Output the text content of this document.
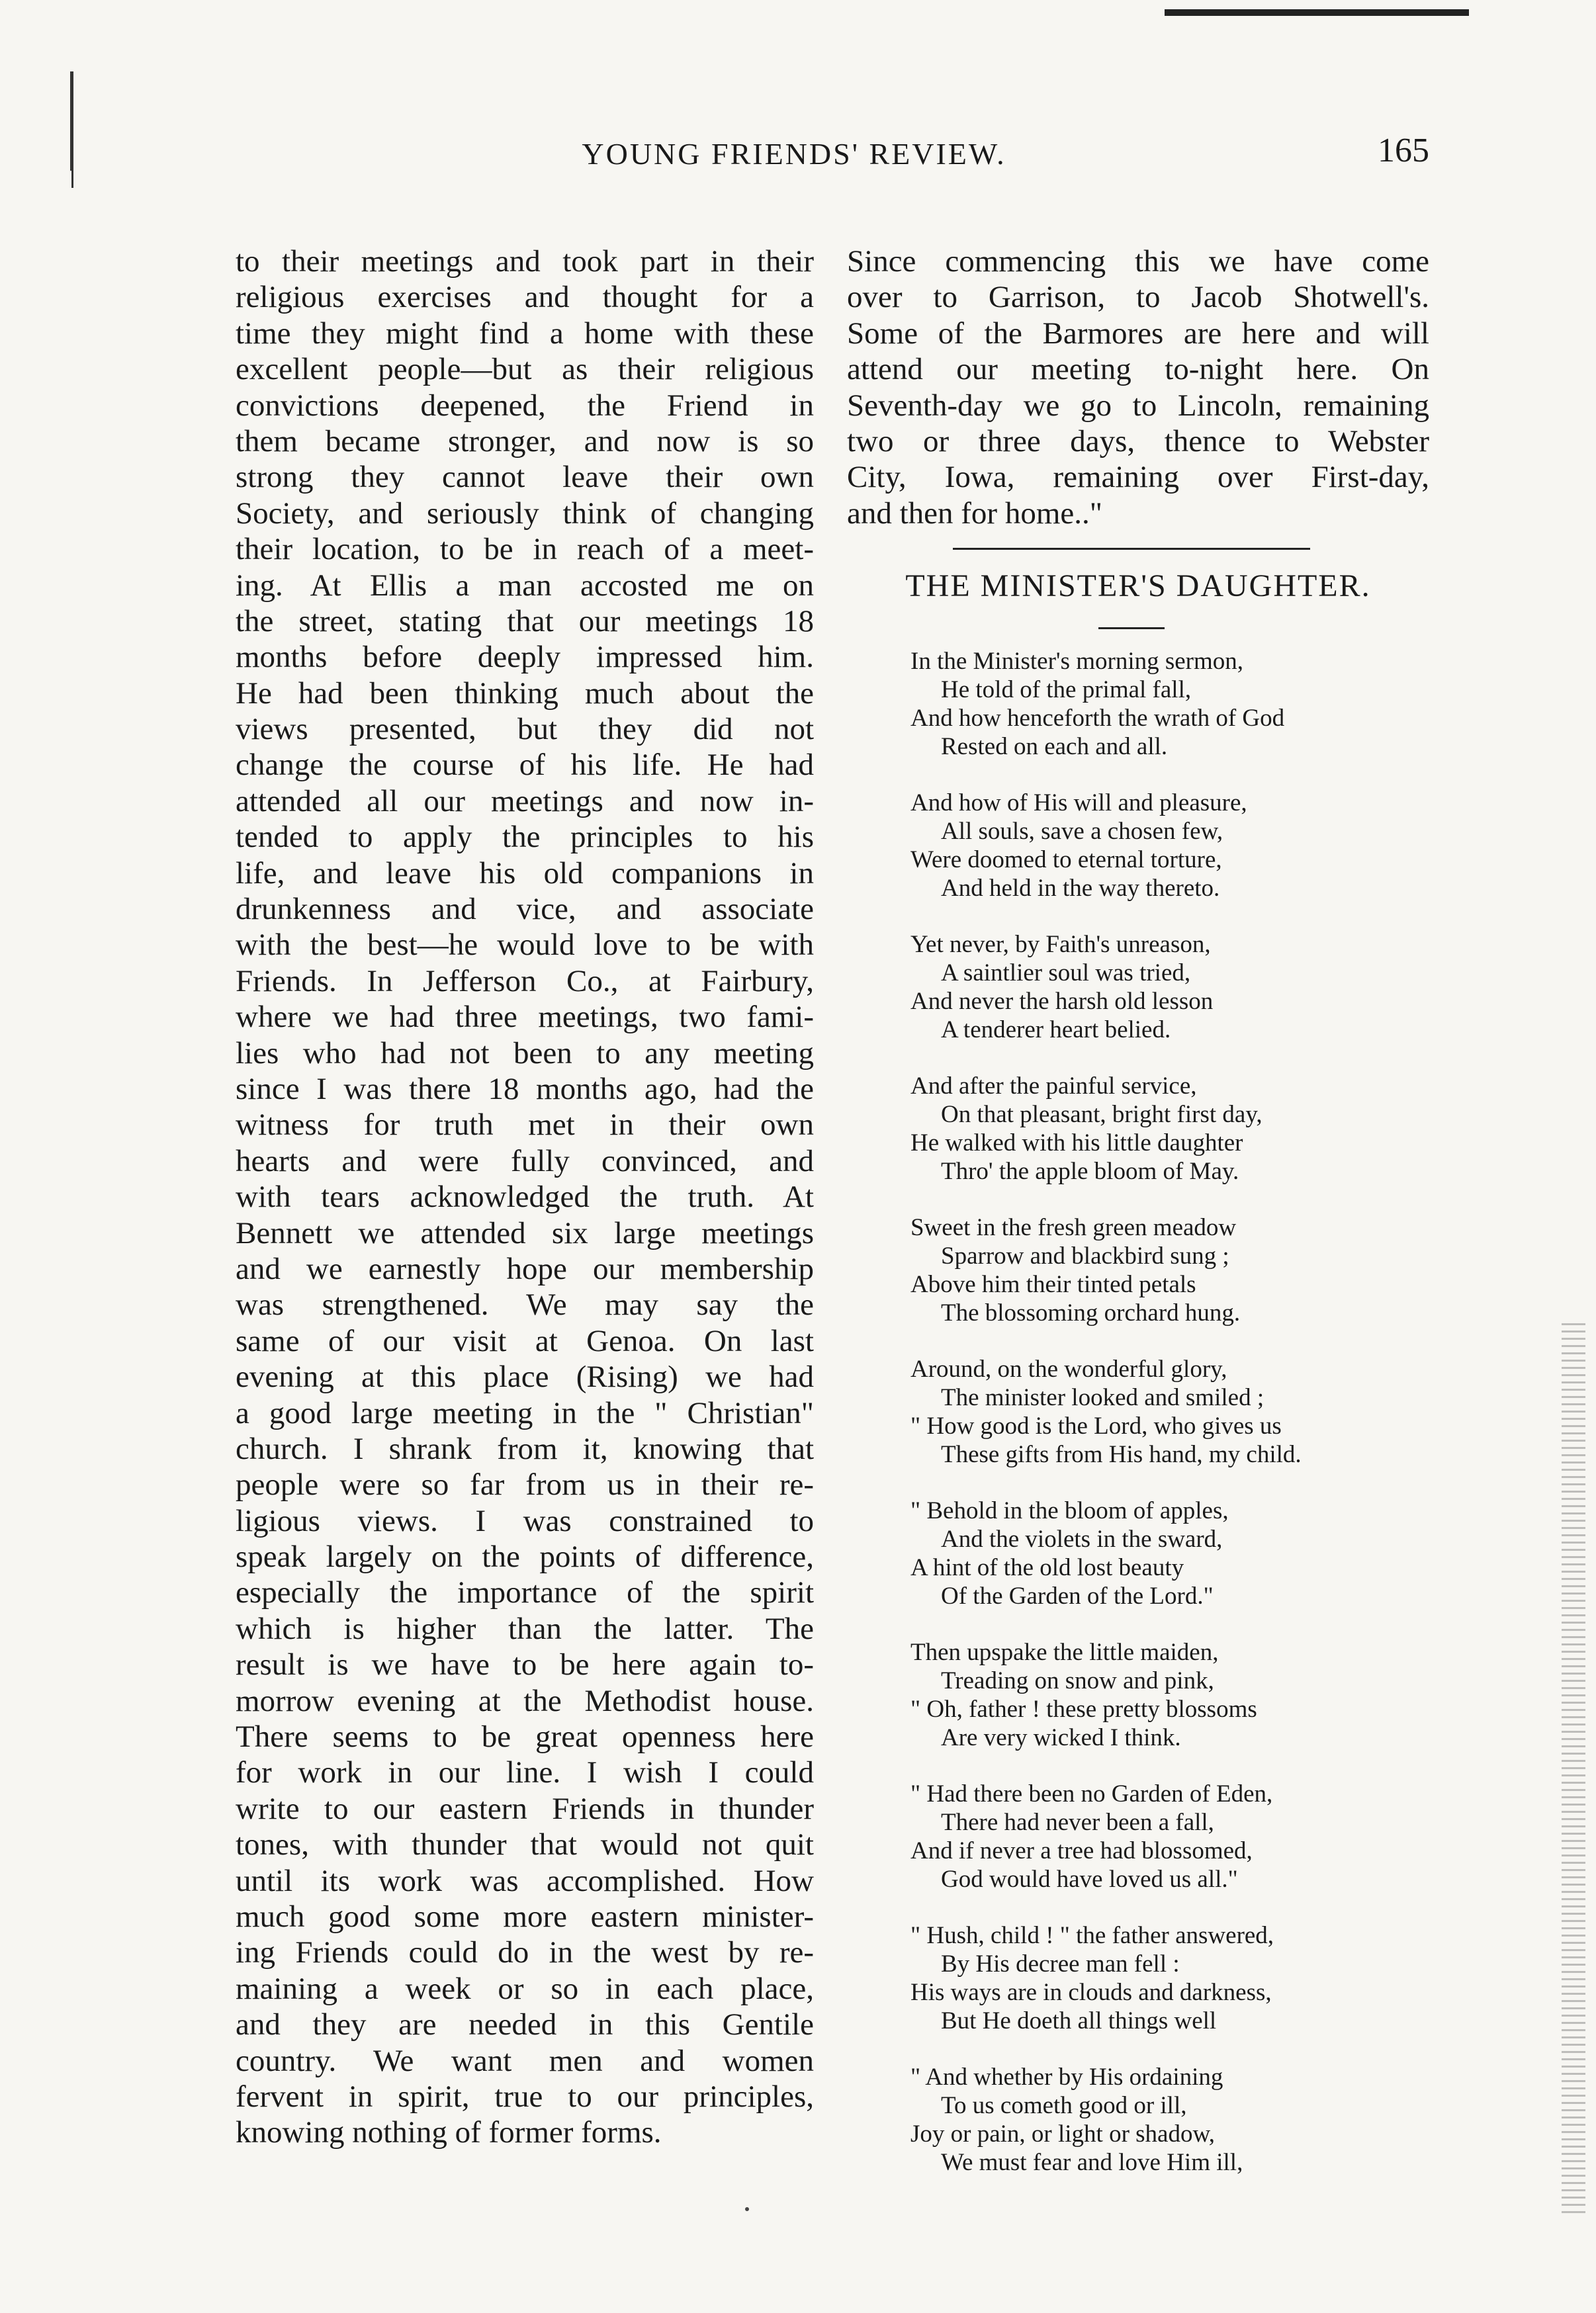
YOUNG FRIENDS' REVIEW.	165
to their meetings and took part in their
religious exercises and thought for a
time they might find a home with these
excellent people—but as their religious
convictions deepened, the Friend in
them became stronger, and now is so
strong they cannot leave their own
Society, and seriously think of changing
their location, to be in reach of a meet-
ing. At Ellis a man accosted me on
the street, stating that our meetings 18
months before deeply impressed him.
He had been thinking much about the
views presented, but they did not
change the course of his life. He had
attended all our meetings and now in-
tended to apply the principles to his
life, and leave his old companions in
drunkenness and vice, and associate
with the best—he would love to be with
Friends. In Jefferson Co., at Fairbury,
where we had three meetings, two fami-
lies who had not been to any meeting
since I was there 18 months ago, had the
witness for truth met in their own
hearts and were fully convinced, and
with tears acknowledged the truth. At
Bennett we attended six large meetings
and we earnestly hope our membership
was strengthened. We may say the
same of our visit at Genoa. On last
evening at this place (Rising) we had
a good large meeting in the " Christian"
church. I shrank from it, knowing that
people were so far from us in their re-
ligious views. I was constrained to
speak largely on the points of difference,
especially the importance of the spirit
which is higher than the latter. The
result is we have to be here again to-
morrow evening at the Methodist house.
There seems to be great openness here
for work in our line. I wish I could
write to our eastern Friends in thunder
tones, with thunder that would not quit
until its work was accomplished. How
much good some more eastern minister-
ing Friends could do in the west by re-
maining a week or so in each place,
and they are needed in this Gentile
country. We want men and women
fervent in spirit, true to our principles,
knowing nothing of former forms.
Since commencing this we have come
over to Garrison, to Jacob Shotwell's.
Some of the Barmores are here and will
attend our meeting to-night here. On
Seventh-day we go to Lincoln, remaining
two or three days, thence to Webster
City, Iowa, remaining over First-day,
and then for home.."
THE MINISTER'S DAUGHTER.
In the Minister's morning sermon,
He told of the primal fall,
And how henceforth the wrath of God
Rested on each and all.
And how of His will and pleasure,
All souls, save a chosen few,
Were doomed to eternal torture,
And held in the way thereto.
Yet never, by Faith's unreason,
A saintlier soul was tried,
And never the harsh old lesson
A tenderer heart belied.
And after the painful service,
On that pleasant, bright first day,
He walked with his little daughter
Thro' the apple bloom of May.
Sweet in the fresh green meadow
Sparrow and blackbird sung ;
Above him their tinted petals
The blossoming orchard hung.
Around, on the wonderful glory,
The minister looked and smiled ;
" How good is the Lord, who gives us
These gifts from His hand, my child.
" Behold in the bloom of apples,
And the violets in the sward,
A hint of the old lost beauty
Of the Garden of the Lord."
Then upspake the little maiden,
Treading on snow and pink,
" Oh, father ! these pretty blossoms
Are very wicked I think.
" Had there been no Garden of Eden,
There had never been a fall,
And if never a tree had blossomed,
God would have loved us all."
" Hush, child ! " the father answered,
By His decree man fell :
His ways are in clouds and darkness,
But He doeth all things well
" And whether by His ordaining
To us cometh good or ill,
Joy or pain, or light or shadow,
We must fear and love Him ill,
